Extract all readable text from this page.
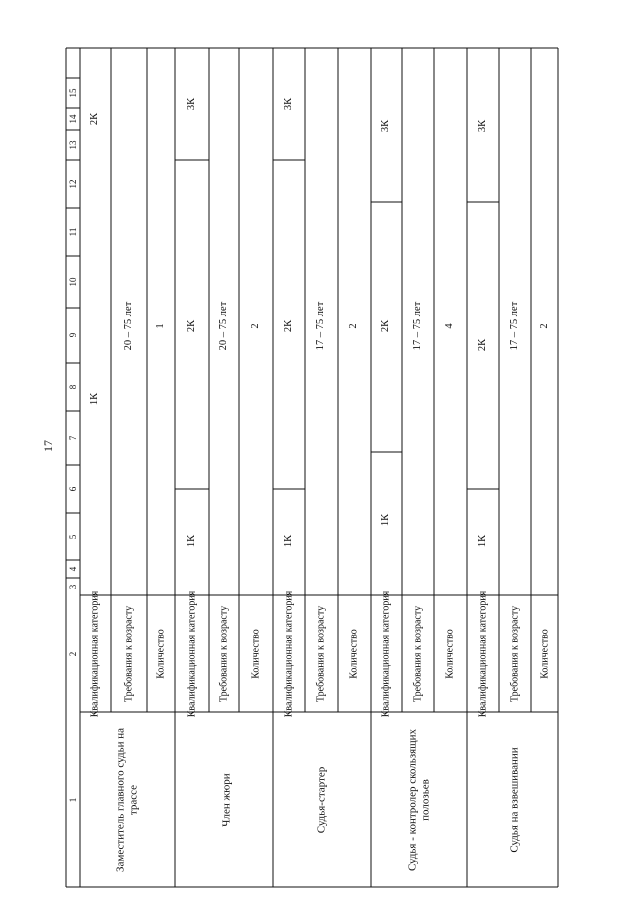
17
1
2
3
4
5
6
7
8
9
10
11
12
13
14
15
Заместитель главного судьи на трассе
Квалификационная категория
1К
2К
Требования к возрасту
20 – 75 лет
Количество
1
Член жюри
Квалификационная категория
1К
2К
3К
Требования к возрасту
20 – 75 лет
Количество
2
Судья-стартер
Квалификационная категория
1К
2К
3К
Требования к возрасту
17 – 75 лет
Количество
2
Судья - контролер скользящих полозьев
Квалификационная категория
1К
2К
3К
Требования к возрасту
17 – 75 лет
Количество
4
Судья на взвешивании
Квалификационная категория
1К
2К
3К
Требования к возрасту
17 – 75 лет
Количество
2
